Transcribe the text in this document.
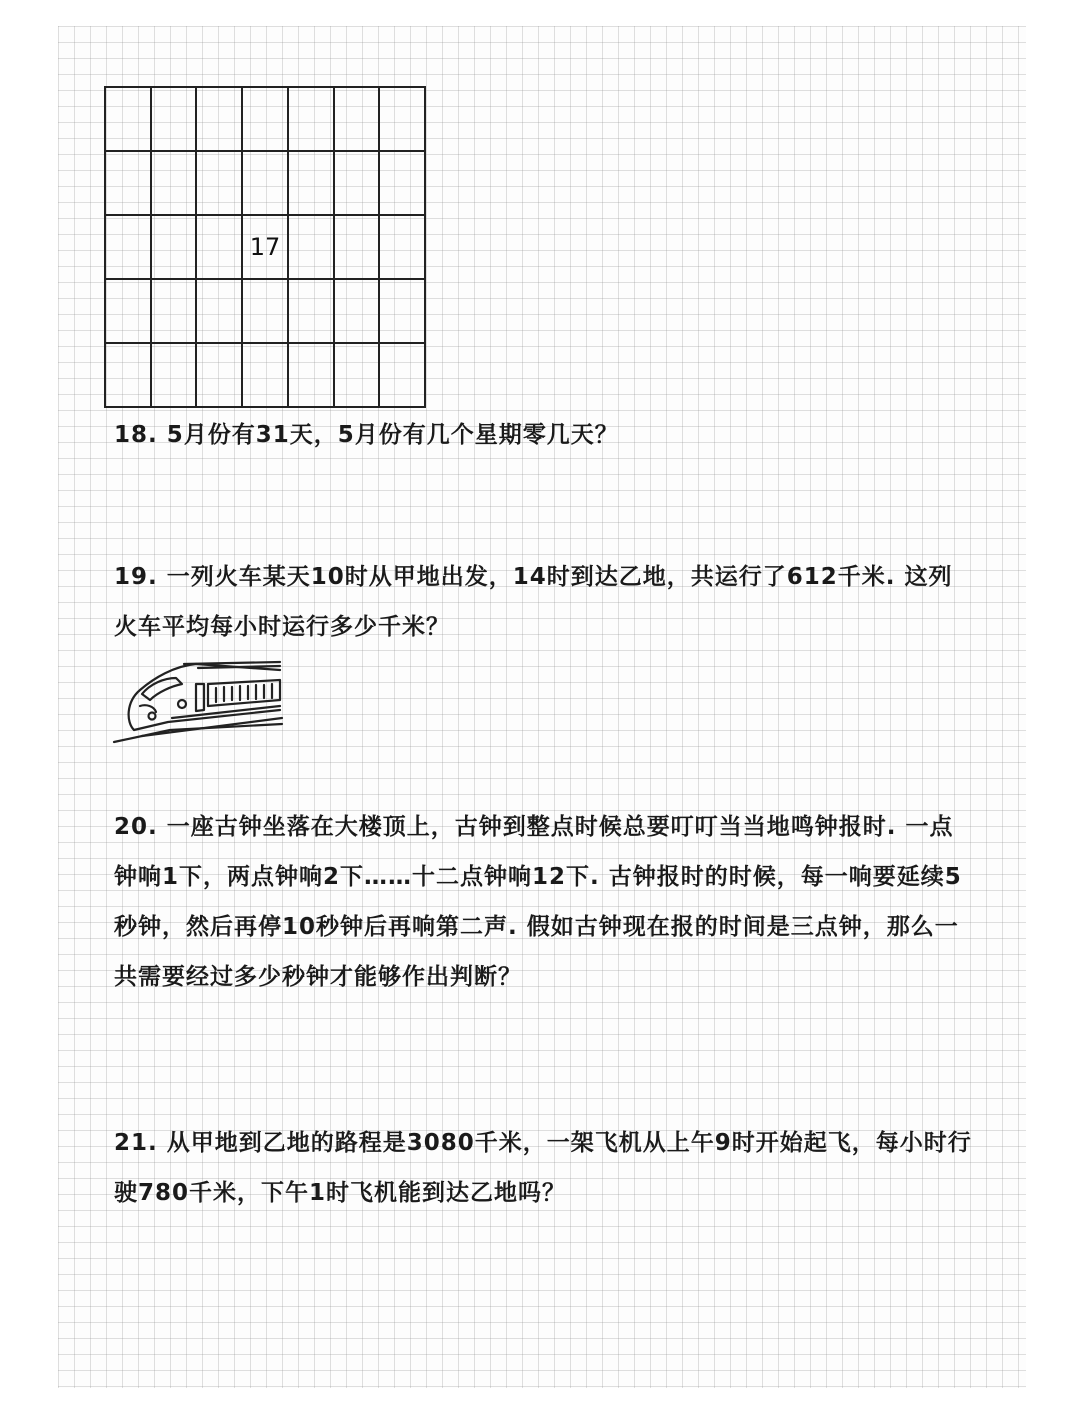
17
18. 5月份有31天，5月份有几个星期零几天？
19. 一列火车某天10时从甲地出发，14时到达乙地，共运行了612千米. 这列火车平均每小时运行多少千米？
20. 一座古钟坐落在大楼顶上，古钟到整点时候总要叮叮当当地鸣钟报时. 一点钟响1下，两点钟响2下……十二点钟响12下. 古钟报时的时候，每一响要延续5秒钟，然后再停10秒钟后再响第二声. 假如古钟现在报的时间是三点钟，那么一共需要经过多少秒钟才能够作出判断？
21. 从甲地到乙地的路程是3080千米，一架飞机从上午9时开始起飞，每小时行驶780千米，下午1时飞机能到达乙地吗？
